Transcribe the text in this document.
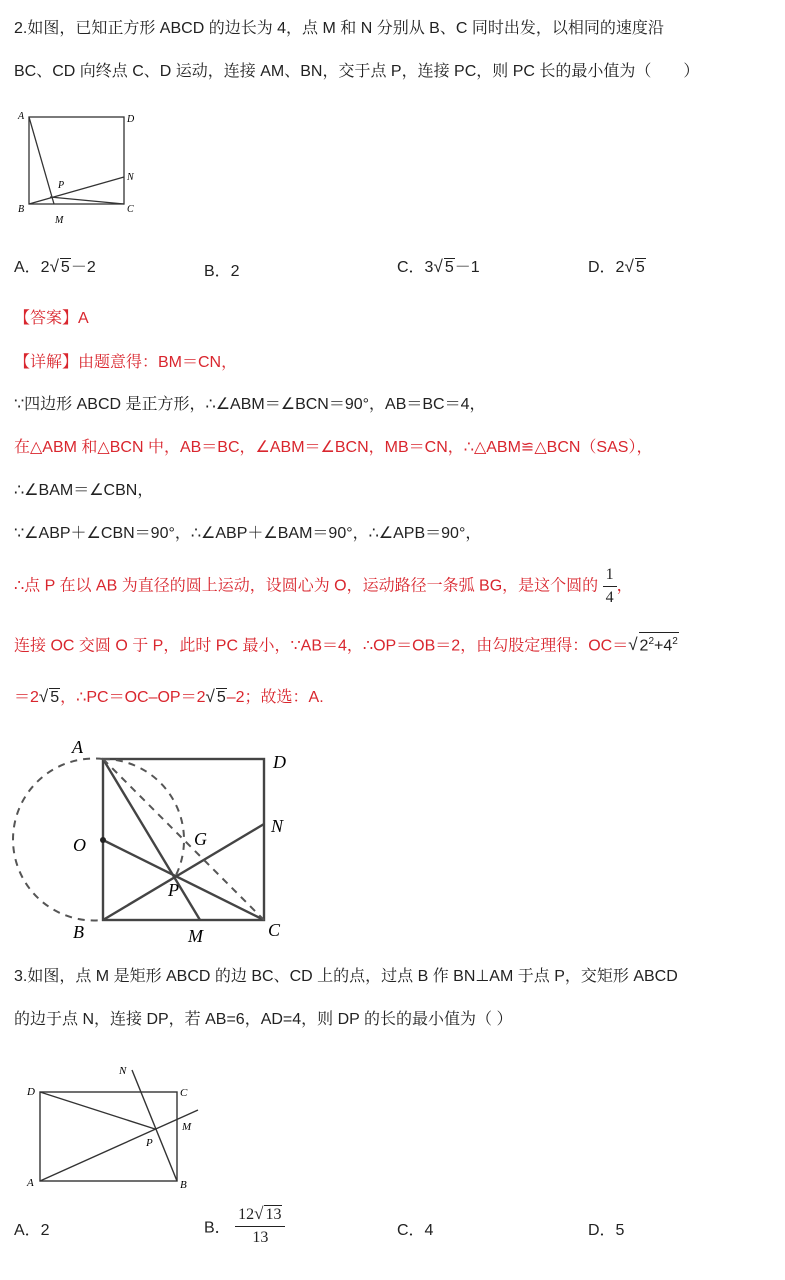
2.如图，已知正方形 ABCD 的边长为 4，点 M 和 N 分别从 B、C 同时出发，以相同的速度沿
BC、CD 向终点 C、D 运动，连接 AM、BN，交于点 P，连接 PC，则 PC 长的最小值为（　　）
A	D
B	C
P
M
N
A．2√ 5－2	B．2	C．3√ 5－1	D．2√ 5
【答案】A
【详解】由题意得：BM＝CN，
∵四边形 ABCD 是正方形，∴∠ABM＝∠BCN＝90°，AB＝BC＝4，
在△ABM 和△BCN 中，AB＝BC，∠ABM＝∠BCN，MB＝CN，∴△ABM≌△BCN（SAS），
∴∠BAM＝∠CBN，
∵∠ABP＋∠CBN＝90°，∴∠ABP＋∠BAM＝90°，∴∠APB＝90°，
∴点 P 在以 AB 为直径的圆上运动，设圆心为 O，运动路径一条弧 BG，是这个圆的 $\frac{1}{4}$ ，
连接 OC 交圆 O 于 P，此时 PC 最小，∵AB＝4，∴OP＝OB＝2，由勾股定理得：OC＝√ $2^2+4^2$
＝2√ 5，∴PC＝OC–OP＝2√ 5–2；故选：A.
A
D
O	G
P
N
B	M	C
3.如图，点 M 是矩形 ABCD 的边 BC、CD 上的点，过点 B 作 BN⊥AM 于点 P，交矩形 ABCD
的边于点 N，连接 DP，若 AB=6，AD=4，则 DP 的长的最小值为（ ）
D	C
N
P
M
A	B
A．2	B． $\frac{12√ 13}{13}$	C．4	D．5
